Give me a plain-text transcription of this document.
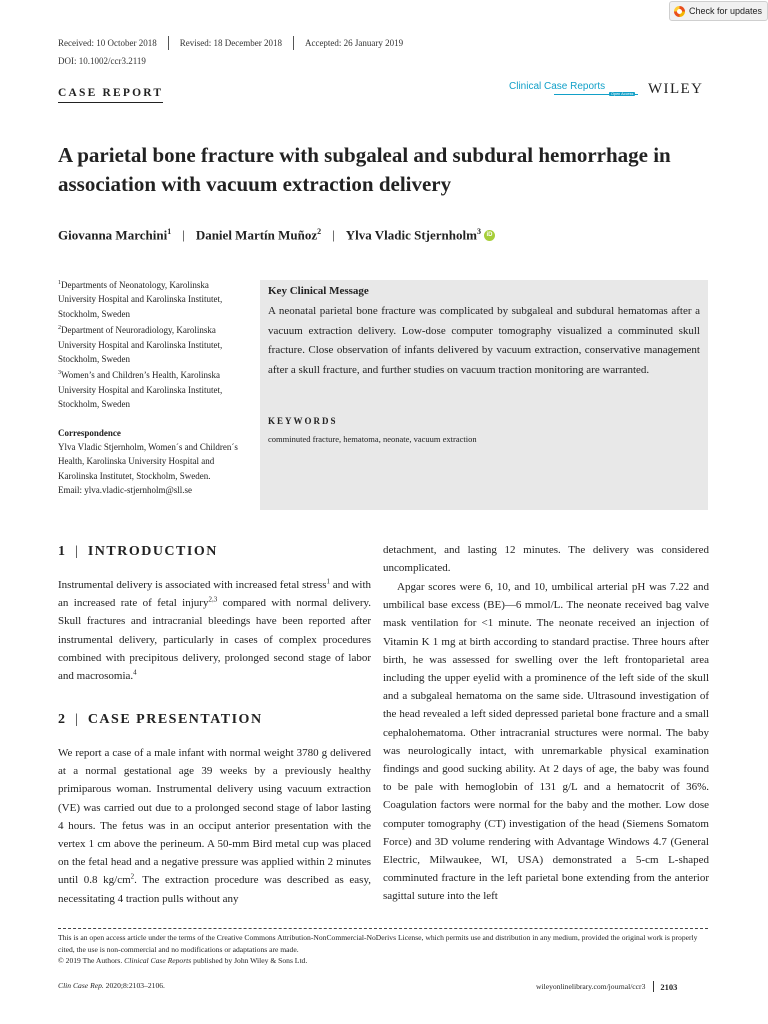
Check for updates
Received: 10 October 2018	Revised: 18 December 2018	Accepted: 26 January 2019
DOI: 10.1002/ccr3.2119
CASE REPORT
Clinical Case Reports
Open Access WILEY
A parietal bone fracture with subgaleal and subdural hemorrhage in association with vacuum extraction delivery
Giovanna Marchini$^1$ | Daniel Martín Muñoz$^2$ | Ylva Vladic Stjernholm$^3$ iD

$^1$Departments of Neonatology, Karolinska University Hospital and Karolinska Institutet, Stockholm, Sweden

$^2$Department of Neuroradiology, Karolinska University Hospital and Karolinska Institutet, Stockholm, Sweden

$^3$Women’s and Children’s Health, Karolinska University Hospital and Karolinska Institutet, Stockholm, Sweden

Correspondence

Ylva Vladic Stjernholm, Women´s and Children´s Health, Karolinska University Hospital and Karolinska Institutet, Stockholm, Sweden.

Email: ylva.vladic-stjernholm@sll.se

Key Clinical Message

A neonatal parietal bone fracture was complicated by subgaleal and subdural hematomas after a vacuum extraction delivery. Low-dose computer tomography visualized a comminuted skull fracture. Close observation of infants delivered by vacuum extraction, conservative management after a skull fracture, and further studies on vacuum traction monitoring are warranted.

KEYWORDS
comminuted fracture, hematoma, neonate, vacuum extraction
1 | INTRODUCTION

Instrumental delivery is associated with increased fetal stress$^1$ and with an increased rate of fetal injury$^{2,3}$ compared with normal delivery. Skull fractures and intracranial bleedings have been reported after instrumental delivery, particularly in cases of complex procedures combined with precipitous delivery, prolonged second stage of labor and macrosomia.$^4$

2 | CASE PRESENTATION

We report a case of a male infant with normal weight 3780 g delivered at a normal gestational age 39 weeks by a previously healthy primiparous woman. Instrumental delivery using vacuum extraction (VE) was carried out due to a prolonged second stage of labor lasting 4 hours. The fetus was in an occiput anterior presentation with the vertex 1 cm above the perineum. A 50-mm Bird metal cup was placed on the fetal head and a negative pressure was applied within 2 minutes until 0.8 $kg/cm^2$. The extraction procedure was described as easy, necessitating 4 traction pulls without any

detachment, and lasting 12 minutes. The delivery was considered uncomplicated.

Apgar scores were 6, 10, and 10, umbilical arterial pH was 7.22 and umbilical base excess (BE)—6 mmol/L. The neonate received bag valve mask ventilation for <1 minute. The neonate received an injection of Vitamin K 1 mg at birth according to standard practise. Three hours after birth, he was assessed for swelling over the left frontoparietal area including the upper eyelid with a prominence of the left side of the skull and a subgaleal hematoma on the same side. Ultrasound investigation of the head revealed a left sided depressed parietal bone fracture and a small cephalohematoma. Other intracranial structures were normal. The baby was neurologically intact, with unremarkable physical examination findings and good sucking ability. At 2 days of age, the baby was found to be pale with hemoglobin of 131 g/L and a hematocrit of 36%. Coagulation factors were normal for the baby and the mother. Low dose computer tomography (CT) investigation of the head (Siemens Somatom Force) and 3D volume rendering with Advantage Windows 4.7 (General Electric, Milwaukee, WI, USA) demonstrated a 5-cm L-shaped comminuted fracture in the left parietal bone extending from the anterior sagittal suture into the left

This is an open access article under the terms of the Creative Commons Attribution-NonCommercial-NoDerivs License, which permits use and distribution in any medium, provided the original work is properly cited, the use is non-commercial and no modifications or adaptations are made.
© 2019 The Authors. Clinical Case Reports published by John Wiley & Sons Ltd.

Clin Case Rep. 2020;8:2103–2106.	wileyonlinelibrary.com/journal/ccr3 2103
